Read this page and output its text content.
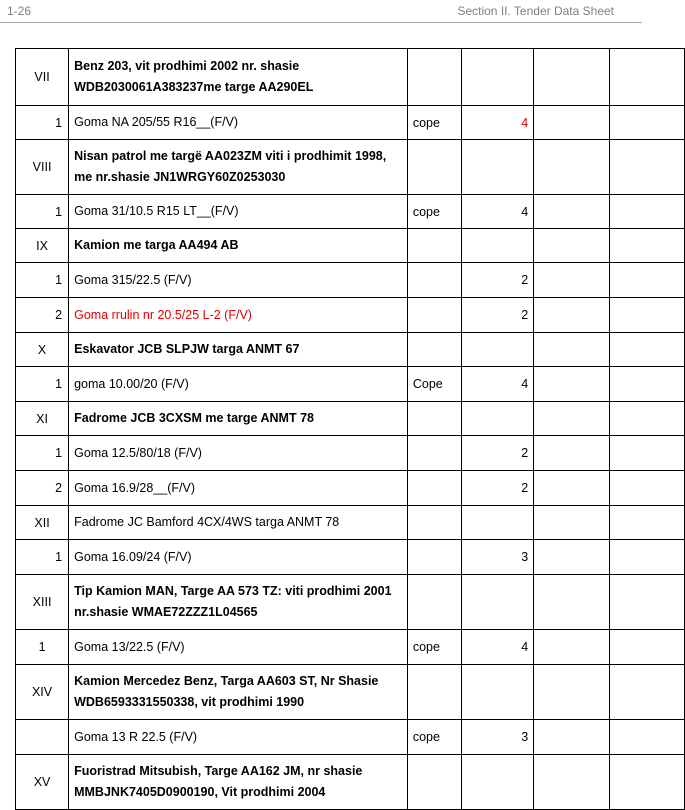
1-26	Section II. Tender Data Sheet
VII	Benz 203, vit prodhimi 2002 nr. shasie WDB2030061A383237me targe AA290EL				
1	Goma NA 205/55 R16__(F/V)	cope	4		
VIII	Nisan patrol me targë AA023ZM viti i prodhimit 1998, me nr.shasie JN1WRGY60Z0253030				
1	Goma 31/10.5 R15 LT__(F/V)	cope	4		
IX	Kamion me targa AA494 AB				
1	Goma 315/22.5 (F/V)		2		
2	Goma rrulin nr 20.5/25 L-2 (F/V)		2		
X	Eskavator JCB SLPJW targa ANMT 67				
1	goma 10.00/20 (F/V)	Cope	4		
XI	Fadrome JCB 3CXSM me targe ANMT 78				
1	Goma 12.5/80/18 (F/V)		2		
2	Goma 16.9/28__(F/V)		2		
XII	Fadrome JC Bamford 4CX/4WS targa ANMT 78				
1	Goma 16.09/24 (F/V)		3		
XIII	Tip Kamion MAN, Targe AA 573 TZ: viti prodhimi 2001 nr.shasie WMAE72ZZZ1L04565				
1	Goma 13/22.5 (F/V)	cope	4		
XIV	Kamion Mercedez Benz, Targa AA603 ST, Nr Shasie WDB6593331550338, vit prodhimi 1990				
	Goma 13 R 22.5 (F/V)	cope	3		
XV	Fuoristrad Mitsubish, Targe AA162 JM, nr shasie MMBJNK7405D0900190, Vit prodhimi 2004				
